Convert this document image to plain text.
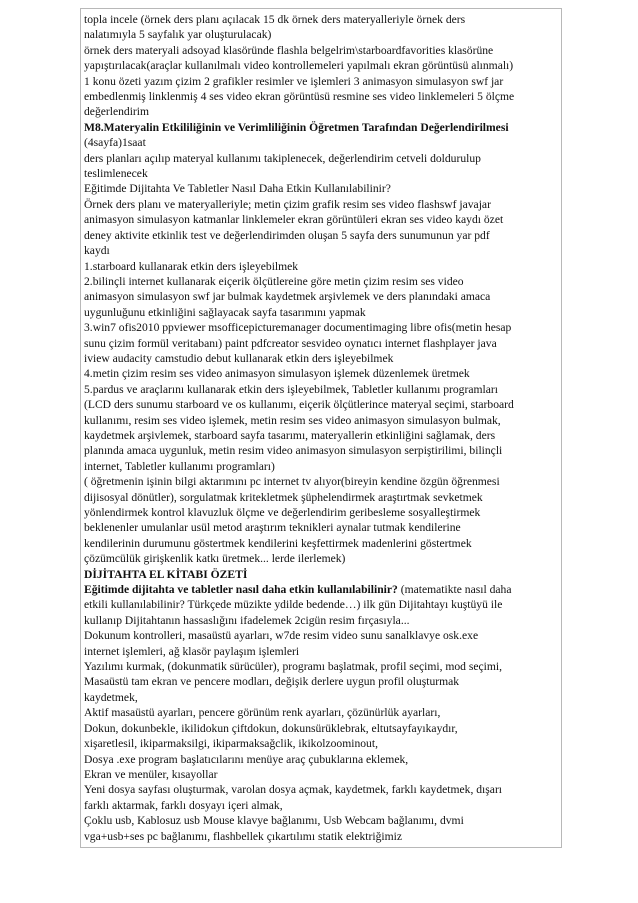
topla incele (örnek ders planı açılacak 15 dk örnek ders materyalleriyle örnek ders
nalatımıyla 5 sayfalık yar oluşturulacak)
örnek ders materyali adsoyad klasöründe flashla belgelrim\starboardfavorities klasörüne
yapıştırılacak(araçlar kullanılmalı video kontrollemeleri yapılmalı ekran görüntüsü alınmalı)
1 konu özeti yazım çizim 2 grafikler resimler ve işlemleri 3 animasyon simulasyon swf jar
embedlenmiş linklenmiş 4 ses video ekran görüntüsü resmine ses video linklemeleri 5 ölçme
değerlendirim
M8.Materyalin Etkililiğinin ve Verimliliğinin Öğretmen Tarafından Değerlendirilmesi
(4sayfa)1saat
ders planları açılıp materyal kullanımı takiplenecek, değerlendirim cetveli doldurulup
teslimlenecek
Eğitimde Dijitahta Ve Tabletler Nasıl Daha Etkin Kullanılabilinir?
Örnek ders planı ve materyalleriyle; metin çizim grafik resim ses video flashswf javajar
animasyon simulasyon katmanlar linklemeler ekran görüntüleri ekran ses video kaydı özet
deney aktivite etkinlik test ve değerlendirimden oluşan 5 sayfa ders sunumunun yar pdf
kaydı
1.starboard kullanarak etkin ders işleyebilmek
2.bilinçli internet kullanarak eiçerik ölçütlereine göre metin çizim resim ses video
animasyon simulasyon swf jar bulmak kaydetmek arşivlemek ve ders planındaki amaca
uygunluğunu etkinliğini sağlayacak sayfa tasarımını yapmak
3.win7 ofis2010 ppviewer msofficepicturemanager documentimaging libre ofis(metin hesap
sunu çizim formül veritabanı) paint pdfcreator sesvideo oynatıcı internet flashplayer java
iview audacity camstudio debut kullanarak etkin ders işleyebilmek
4.metin çizim resim ses video animasyon simulasyon işlemek düzenlemek üretmek
5.pardus ve araçlarını kullanarak etkin ders işleyebilmek, Tabletler kullanımı programları
(LCD ders sunumu starboard ve os kullanımı, eiçerik ölçütlerince materyal seçimi, starboard
kullanımı, resim ses video işlemek, metin resim ses video animasyon simulasyon bulmak,
kaydetmek arşivlemek, starboard sayfa tasarımı, materyallerin etkinliğini sağlamak, ders
planında amaca uygunluk, metin resim video animasyon simulasyon serpiştirilimi, bilinçli
internet, Tabletler kullanımı programları)
( öğretmenin işinin bilgi aktarımını pc internet tv alıyor(bireyin kendine özgün öğrenmesi
dijisosyal dönütler), sorgulatmak kritekletmek şüphelendirmek araştırtmak sevketmek
yönlendirmek kontrol klavuzluk ölçme ve değerlendirim geribesleme sosyalleştirmek
beklenenler umulanlar usül metod araştırım teknikleri aynalar tutmak kendilerine
kendilerinin durumunu göstertmek kendilerini keşfettirmek madenlerini göstertmek
çözümcülük girişkenlik katkı üretmek... lerde ilerlemek)
DİJİTAHTA EL KİTABI ÖZETİ
Eğitimde dijitahta ve tabletler nasıl daha etkin kullanılabilinir? (matematikte nasıl daha
etkili kullanılabilinir? Türkçede müzikte ydilde bedende…) ilk gün Dijitahtayı kuştüyü ile
kullanıp Dijitahtanın hassaslığını ifadelemek 2cigün resim fırçasıyla...
Dokunum kontrolleri, masaüstü ayarları, w7de resim video sunu sanalklavye osk.exe
internet işlemleri, ağ klasör paylaşım işlemleri
Yazılımı kurmak, (dokunmatik sürücüler), programı başlatmak, profil seçimi, mod seçimi,
Masaüstü tam ekran ve pencere modları, değişik derlere uygun profil oluşturmak
kaydetmek,
Aktif masaüstü ayarları, pencere görünüm renk ayarları, çözünürlük ayarları,
Dokun, dokunbekle, ikilidokun çiftdokun, dokunsürüklebrak, eltutsayfayıkaydır,
xişaretlesil, ikiparmaksilgi, ikiparmaksağclik, ikikolzoominout,
Dosya .exe program başlatıcılarını menüye araç çubuklarına eklemek,
Ekran ve menüler, kısayollar
Yeni dosya sayfası oluşturmak, varolan dosya açmak, kaydetmek, farklı kaydetmek, dışarı
farklı aktarmak, farklı dosyayı içeri almak,
Çoklu usb, Kablosuz usb Mouse klavye bağlanımı, Usb Webcam bağlanımı, dvmi
vga+usb+ses pc bağlanımı, flashbellek çıkartılımı statik elektriğimiz
